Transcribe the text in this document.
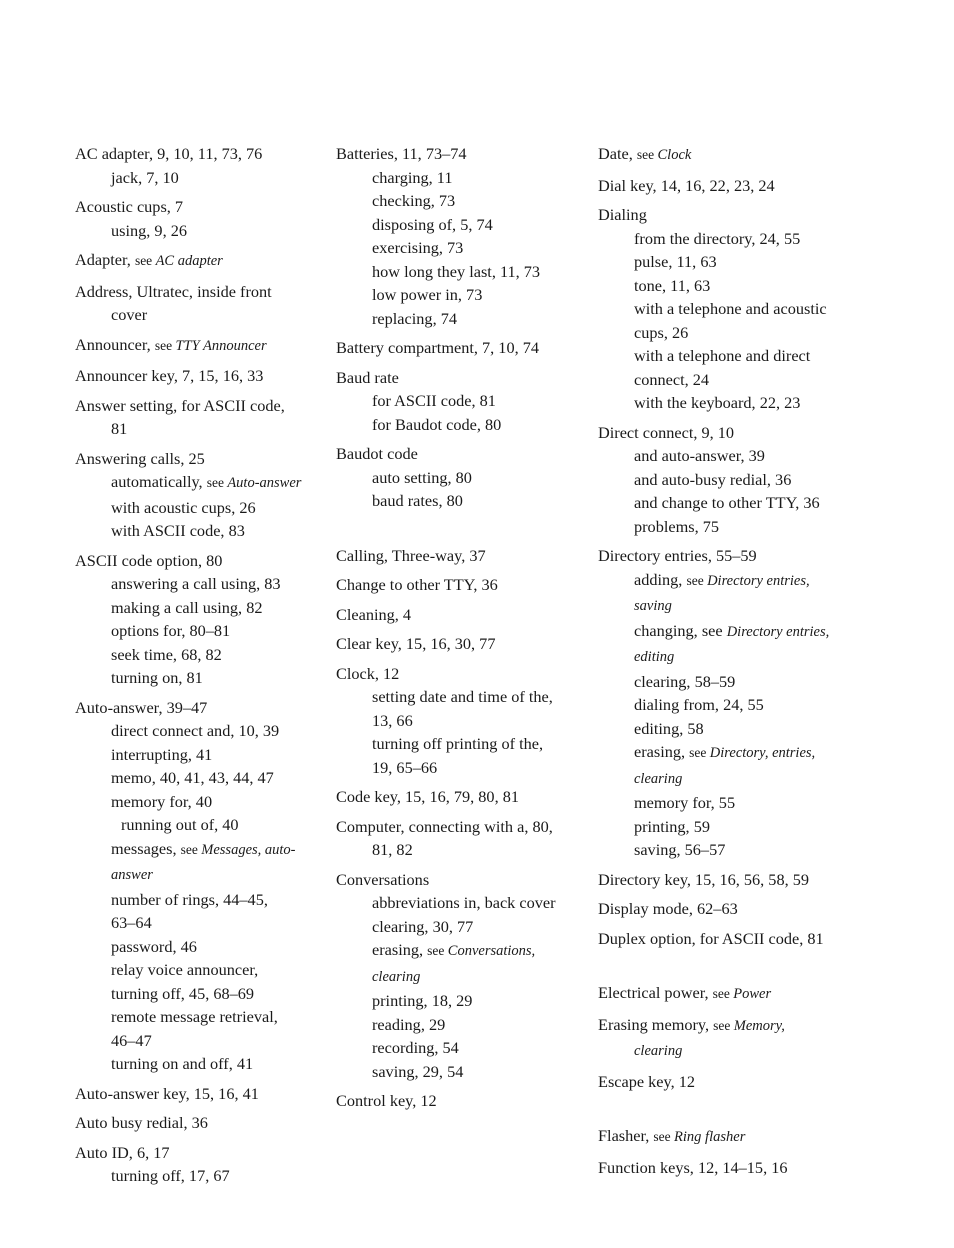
AC adapter, 9, 10, 11, 73, 76
jack, 7, 10
Acoustic cups, 7
using, 9, 26
Adapter, see AC adapter
Address, Ultratec, inside front
cover
Announcer, see TTY Announcer
Announcer key, 7, 15, 16, 33
Answer setting, for ASCII code,
81
Answering calls, 25
automatically, see Auto-answer
with acoustic cups, 26
with ASCII code, 83
ASCII code option, 80
answering a call using, 83
making a call using, 82
options for, 80–81
seek time, 68, 82
turning on, 81
Auto-answer, 39–47
direct connect and, 10, 39
interrupting, 41
memo, 40, 41, 43, 44, 47
memory for, 40
running out of, 40
messages, see Messages, auto-
answer
number of rings, 44–45,
63–64
password, 46
relay voice announcer,
turning off, 45, 68–69
remote message retrieval,
46–47
turning on and off, 41
Auto-answer key, 15, 16, 41
Auto busy redial, 36
Auto ID, 6, 17
turning off, 17, 67
Batteries, 11, 73–74
charging, 11
checking, 73
disposing of, 5, 74
exercising, 73
how long they last, 11, 73
low power in, 73
replacing, 74
Battery compartment, 7, 10, 74
Baud rate
for ASCII code, 81
for Baudot code, 80
Baudot code
auto setting, 80
baud rates, 80
Calling, Three-way, 37
Change to other TTY, 36
Cleaning, 4
Clear key, 15, 16, 30, 77
Clock, 12
setting date and time of the,
13, 66
turning off printing of the,
19, 65–66
Code key, 15, 16, 79, 80, 81
Computer, connecting with a, 80,
81, 82
Conversations
abbreviations in, back cover
clearing, 30, 77
erasing, see Conversations,
clearing
printing, 18, 29
reading, 29
recording, 54
saving, 29, 54
Control key, 12
Date, see Clock
Dial key, 14, 16, 22, 23, 24
Dialing
from the directory, 24, 55
pulse, 11, 63
tone, 11, 63
with a telephone and acoustic
cups, 26
with a telephone and direct
connect, 24
with the keyboard, 22, 23
Direct connect, 9, 10
and auto-answer, 39
and auto-busy redial, 36
and change to other TTY, 36
problems, 75
Directory entries, 55–59
adding, see Directory entries,
saving
changing, see Directory entries,
editing
clearing, 58–59
dialing from, 24, 55
editing, 58
erasing, see Directory, entries,
clearing
memory for, 55
printing, 59
saving, 56–57
Directory key, 15, 16, 56, 58, 59
Display mode, 62–63
Duplex option, for ASCII code, 81
Electrical power, see Power
Erasing memory, see Memory,
clearing
Escape key, 12
Flasher, see Ring flasher
Function keys, 12, 14–15, 16
